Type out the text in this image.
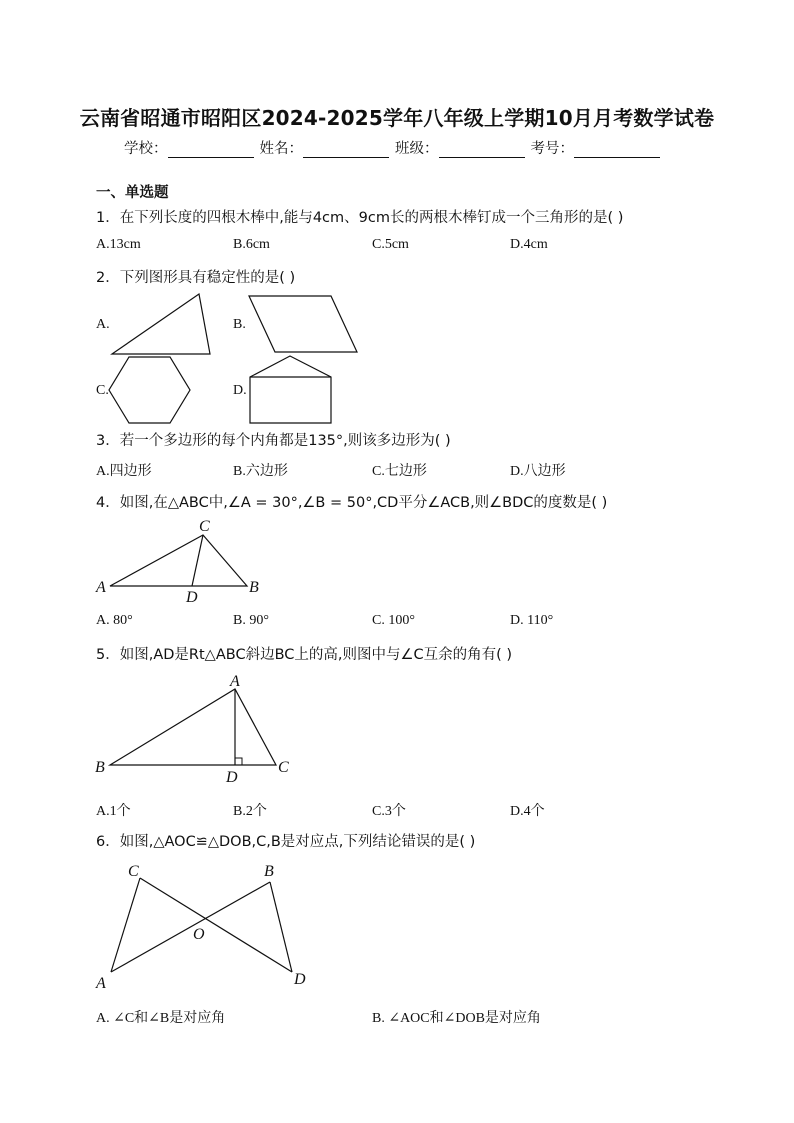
云南省昭通市昭阳区2024-2025学年八年级上学期10月月考数学试卷
学校：	姓名：	班级：	考号：
一、单选题
1．在下列长度的四根木棒中,能与4cm、9cm长的两根木棒钉成一个三角形的是( )
A.13cm	B.6cm	C.5cm	D.4cm
2．下列图形具有稳定性的是( )
A.	B.
C.	D.
3．若一个多边形的每个内角都是135°,则该多边形为( )
A.四边形	B.六边形	C.七边形	D.八边形
4．如图,在△ABC中,∠A = 30°,∠B = 50°,CD平分∠ACB,则∠BDC的度数是( )
C
A
D
B
A. 80°	B. 90°	C. 100°	D. 110°
5．如图,AD是Rt△ABC斜边BC上的高,则图中与∠C互余的角有( )
A
B
D
C
A.1个	B.2个	C.3个	D.4个
6．如图,△AOC≌△DOB,C,B是对应点,下列结论错误的是( )
C	B
O
A	D
A. ∠C和∠B是对应角	B. ∠AOC和∠DOB是对应角
